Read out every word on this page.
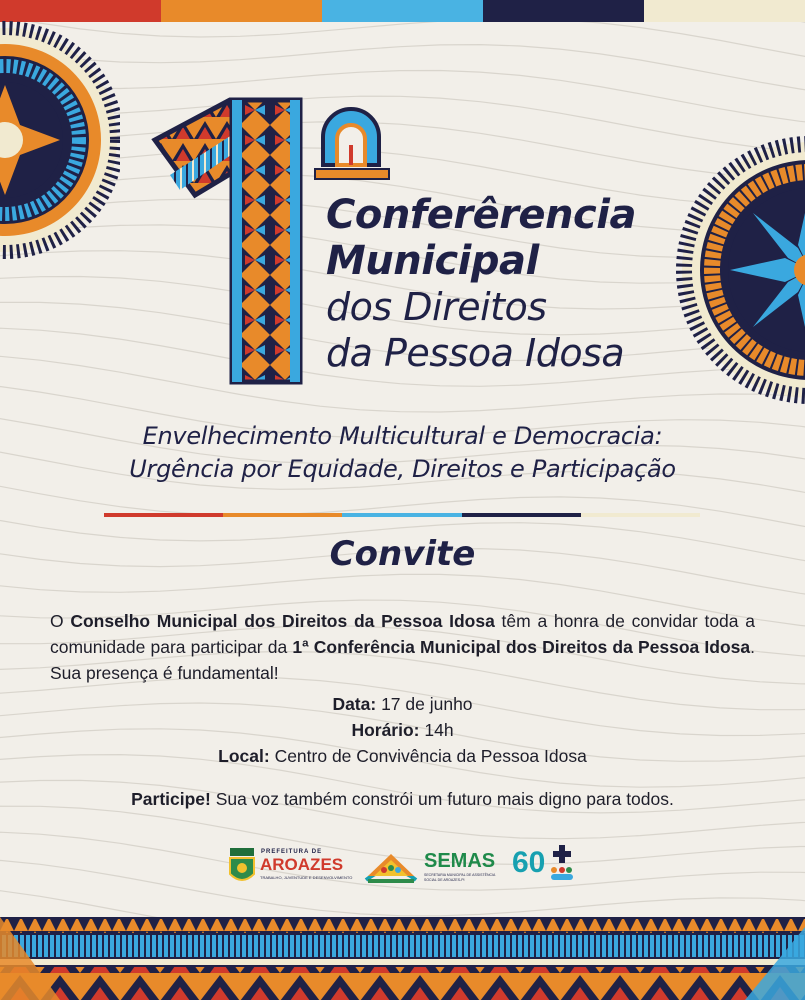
Conferêrencia
Municipal
dos Direitos
da Pessoa Idosa
Envelhecimento Multicultural e Democracia:
Urgência por Equidade, Direitos e Participação
Convite
O Conselho Municipal dos Direitos da Pessoa Idosa têm a honra de convidar toda a comunidade para participar da 1ª Conferência Municipal dos Direitos da Pessoa Idosa. Sua presença é fundamental!
Data: 17 de junho
Horário: 14h
Local: Centro de Convivência da Pessoa Idosa
Participe! Sua voz também constrói um futuro mais digno para todos.
PREFEITURA DE
AROAZES
TRABALHO, JUVENTUDE E DESENVOLVIMENTO
SEMAS
SECRETARIA MUNICIPAL DE ASSISTÊNCIA SOCIAL DE AROAZES-PI
60
